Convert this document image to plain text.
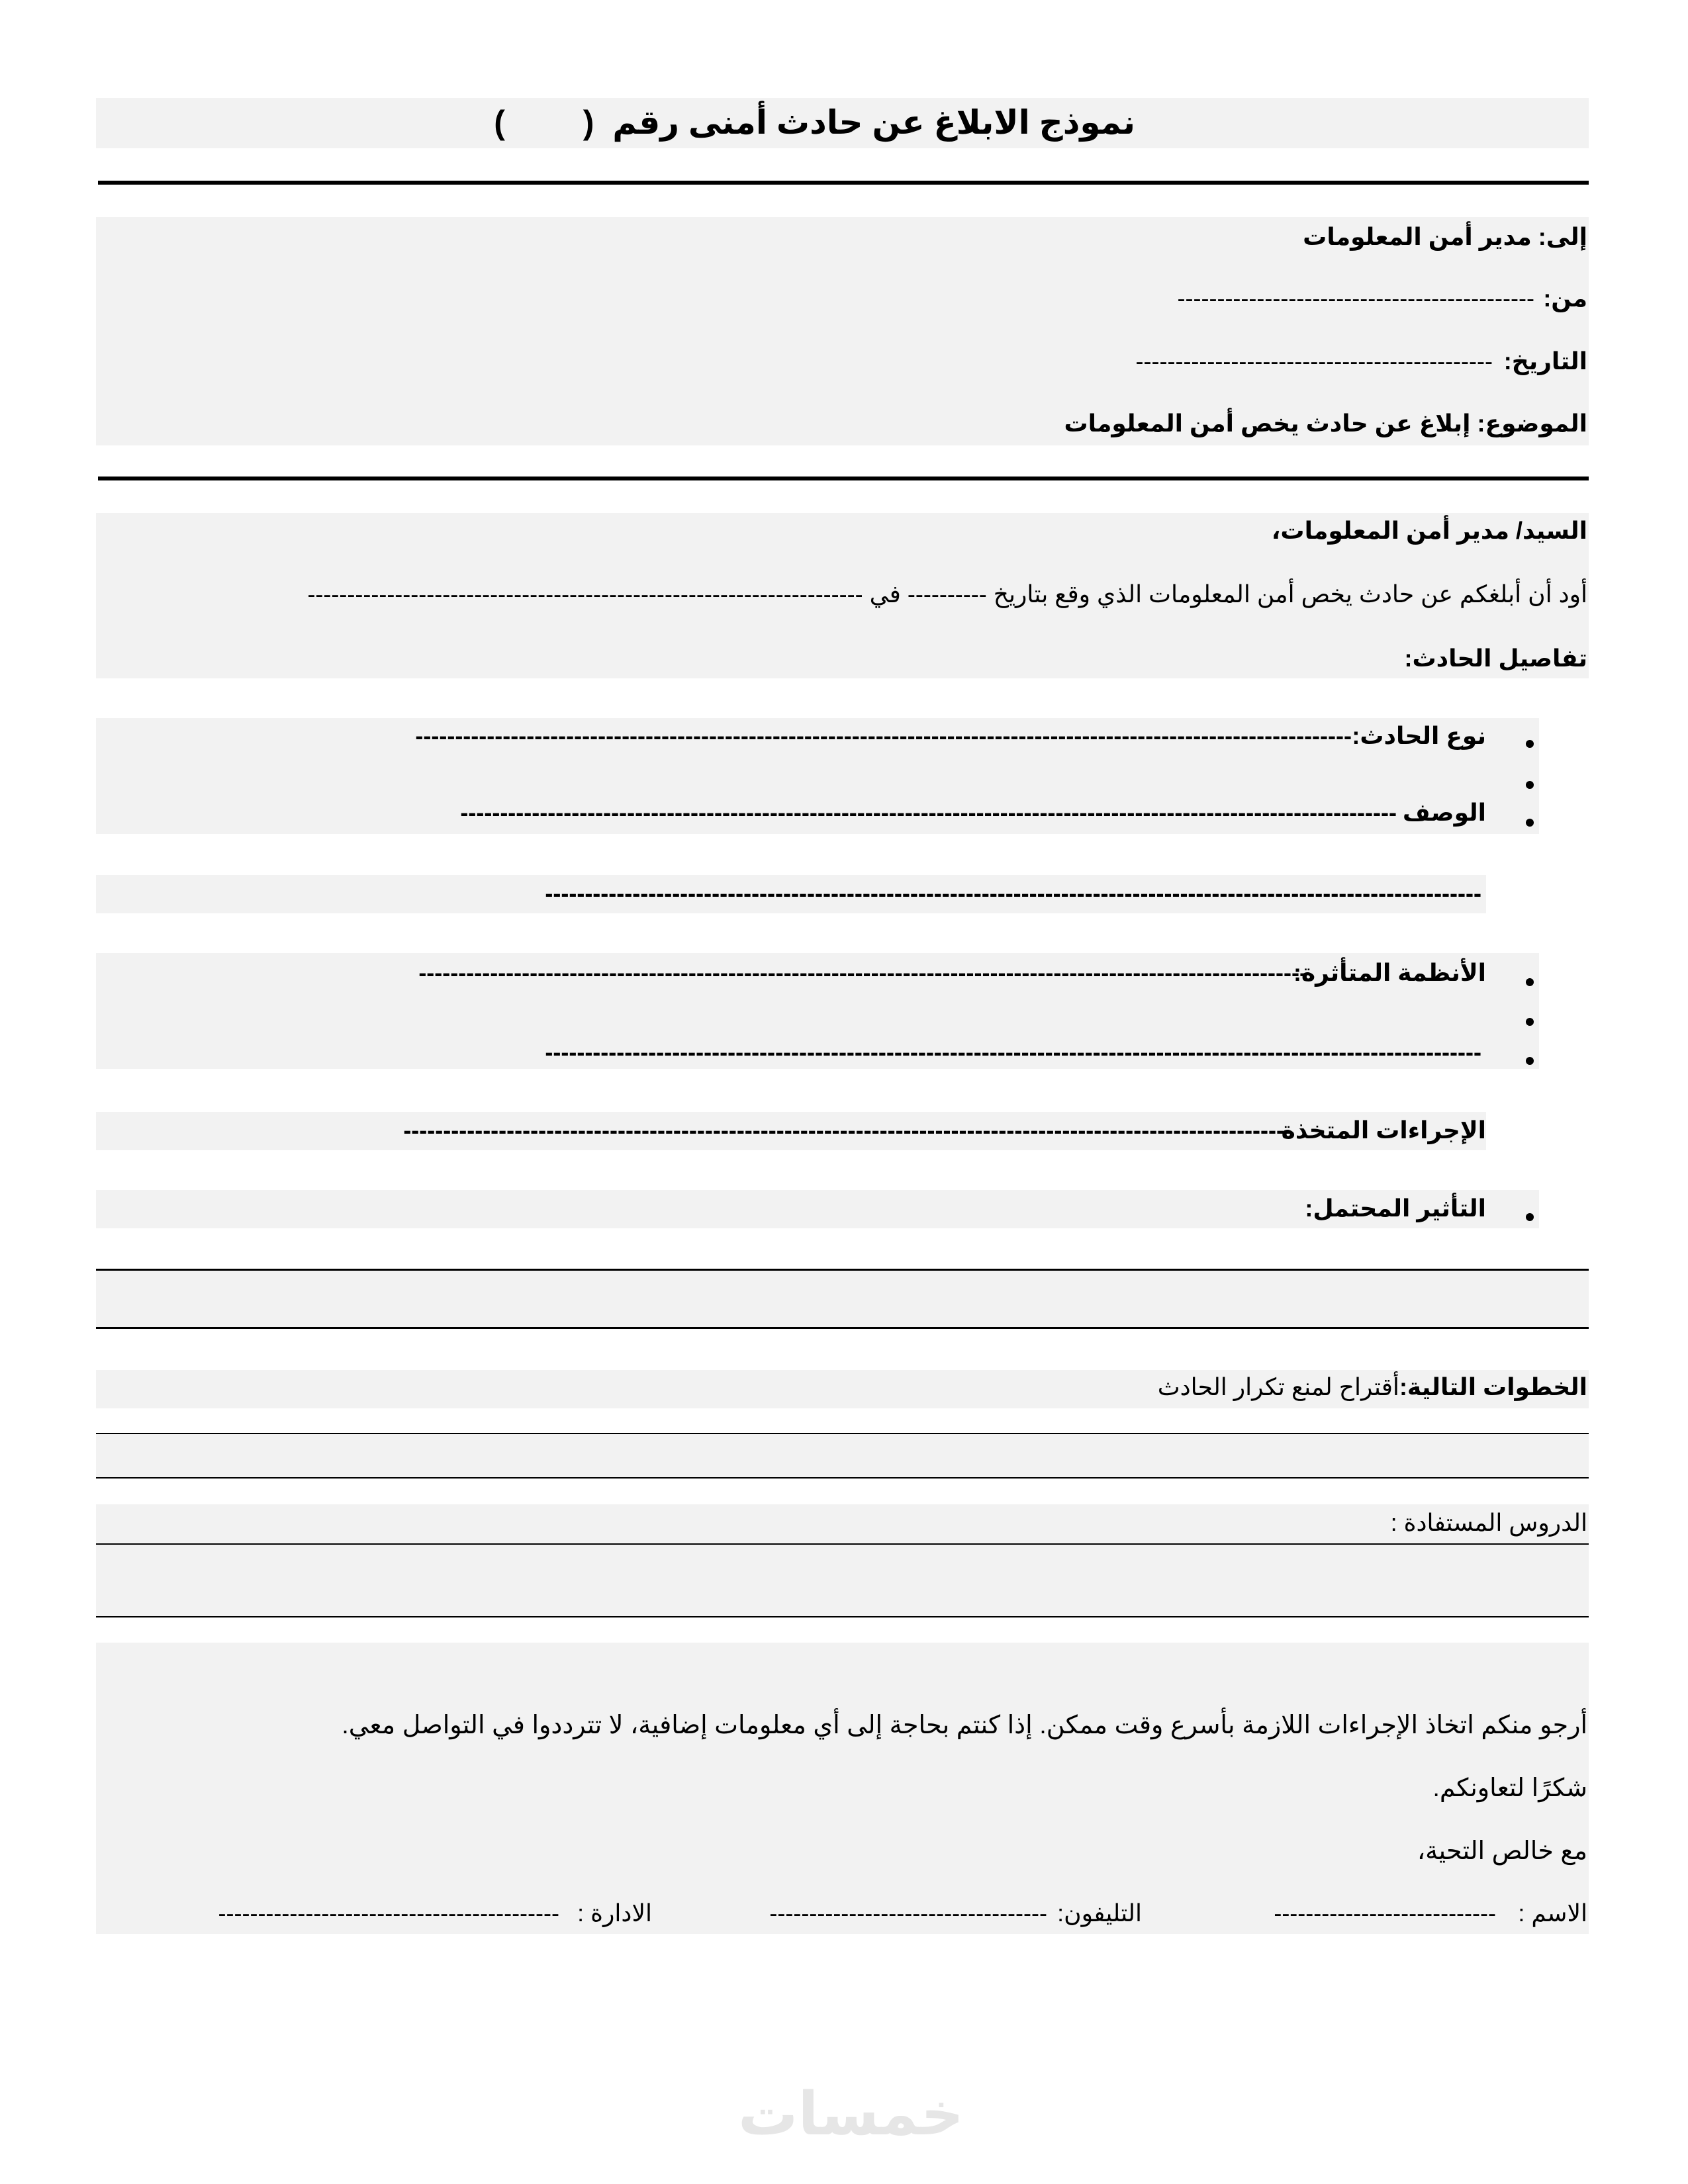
نموذج الابلاغ عن حادث أمنى رقم (  )
إلى: مدير أمن المعلومات
من:
---------------------------------------------
التاريخ:
---------------------------------------------
الموضوع: إبلاغ عن حادث يخص أمن المعلومات
السيد/ مدير أمن المعلومات،
أود أن أبلغكم عن حادث يخص أمن المعلومات الذي وقع بتاريخ ---------- في ----------------------------------------------------------------------
تفاصيل الحادث:
نوع الحادث:
----------------------------------------------------------------------------------------------------------------------
الوصف
----------------------------------------------------------------------------------------------------------------------
----------------------------------------------------------------------------------------------------------------------
الأنظمة المتأثرة:
----------------------------------------------------------------------------------------------------------------
----------------------------------------------------------------------------------------------------------------------
الإجراءات المتخذة
----------------------------------------------------------------------------------------------------------------
التأثير المحتمل:
الخطوات التالية:أقتراح لمنع تكرار الحادث
الدروس المستفادة :
أرجو منكم اتخاذ الإجراءات اللازمة بأسرع وقت ممكن. إذا كنتم بحاجة إلى أي معلومات إضافية، لا تترددوا في التواصل معي.
شكرًا لتعاونكم.
مع خالص التحية،
الاسم :
----------------------------
التليفون:
-----------------------------------
الادارة :
-------------------------------------------
خمسات
